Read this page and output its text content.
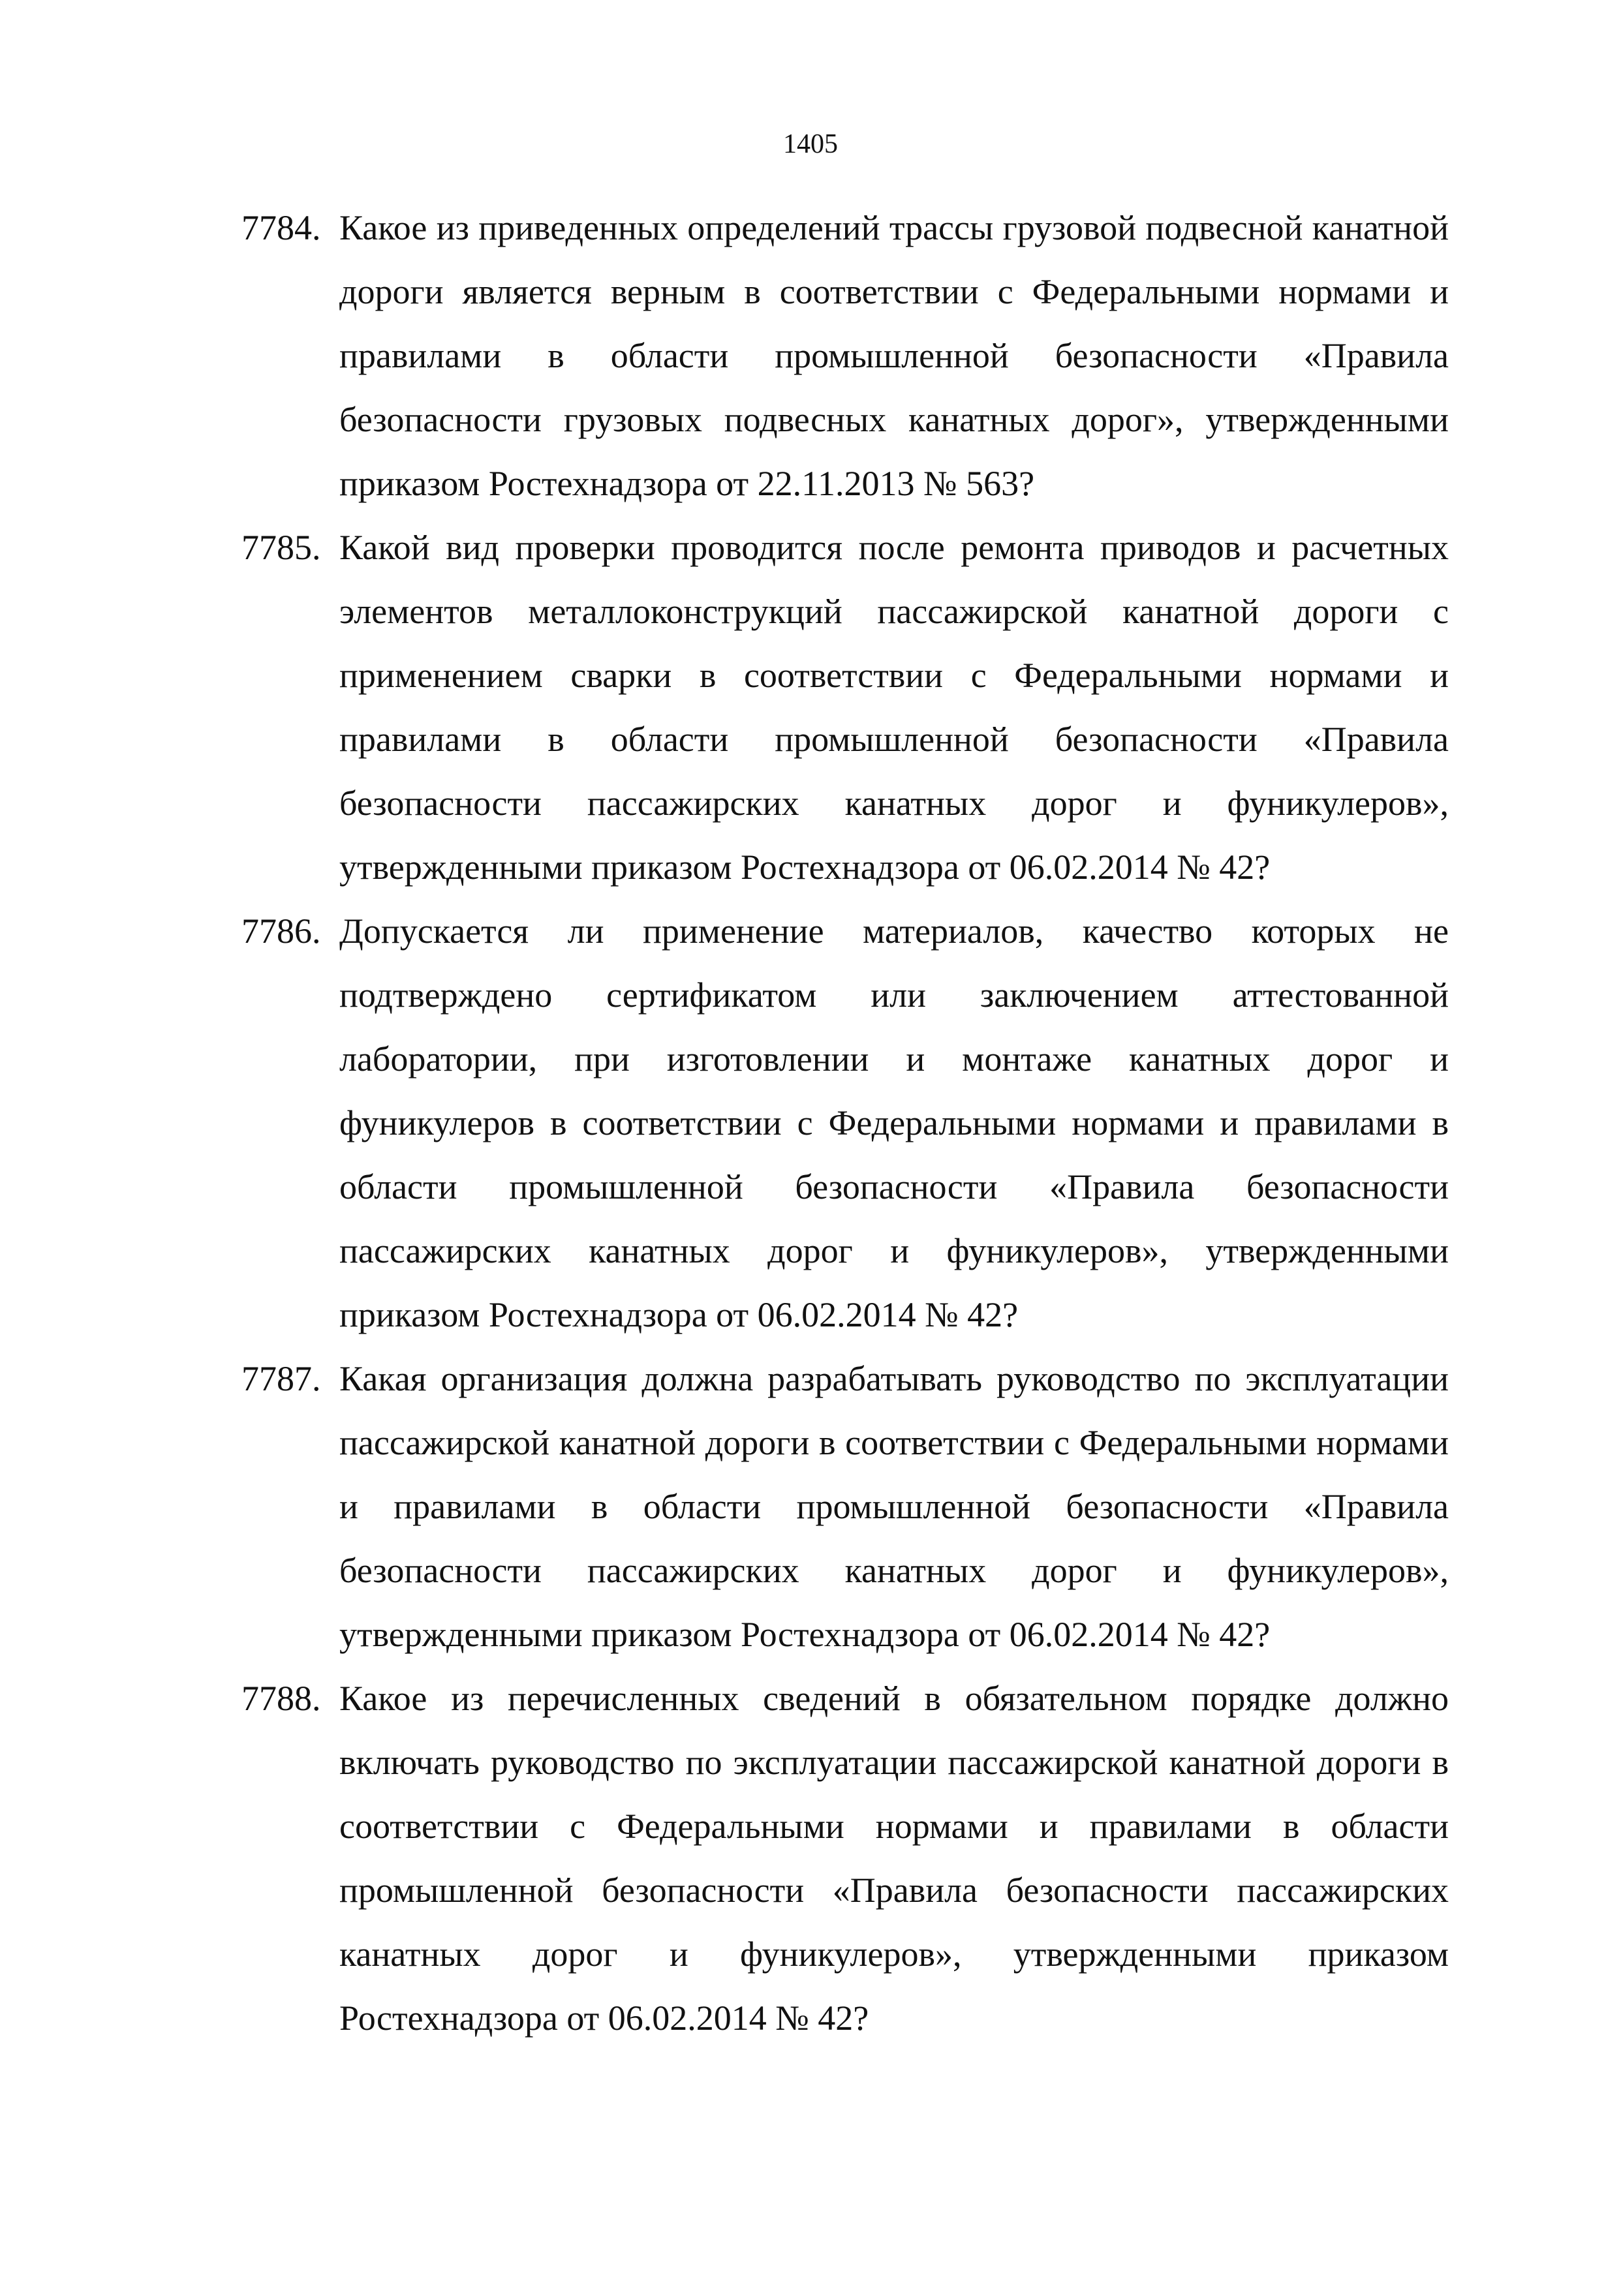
1405
7784. Какое из приведенных определений трассы грузовой подвесной канатной дороги является верным в соответствии с Федеральными нормами и правилами в области промышленной безопасности «Правила безопасности грузовых подвесных канатных дорог», утвержденными приказом Ростехнадзора от 22.11.2013 № 563?
7785. Какой вид проверки проводится после ремонта приводов и расчетных элементов металлоконструкций пассажирской канатной дороги с применением сварки в соответствии с Федеральными нормами и правилами в области промышленной безопасности «Правила безопасности пассажирских канатных дорог и фуникулеров», утвержденными приказом Ростехнадзора от 06.02.2014 № 42?
7786. Допускается ли применение материалов, качество которых не подтверждено сертификатом или заключением аттестованной лаборатории, при изготовлении и монтаже канатных дорог и фуникулеров в соответствии с Федеральными нормами и правилами в области промышленной безопасности «Правила безопасности пассажирских канатных дорог и фуникулеров», утвержденными приказом Ростехнадзора от 06.02.2014 № 42?
7787. Какая организация должна разрабатывать руководство по эксплуатации пассажирской канатной дороги в соответствии с Федеральными нормами и правилами в области промышленной безопасности «Правила безопасности пассажирских канатных дорог и фуникулеров», утвержденными приказом Ростехнадзора от 06.02.2014 № 42?
7788. Какое из перечисленных сведений в обязательном порядке должно включать руководство по эксплуатации пассажирской канатной дороги в соответствии с Федеральными нормами и правилами в области промышленной безопасности «Правила безопасности пассажирских канатных дорог и фуникулеров», утвержденными приказом Ростехнадзора от 06.02.2014 № 42?
